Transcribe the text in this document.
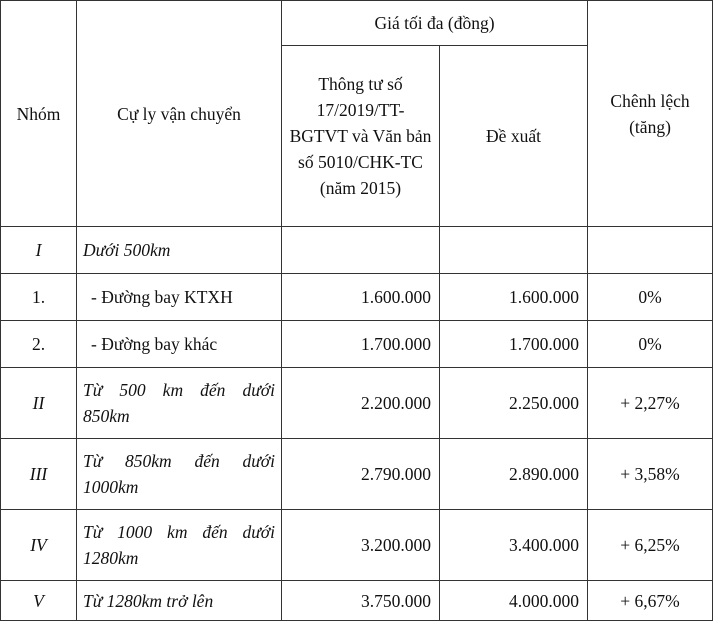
Nhóm	Cự ly vận chuyển	Giá tối đa (đồng)		Chênh lệch (tăng)
		Thông tư số 17/2019/TT-BGTVT và Văn bản số 5010/CHK-TC (năm 2015)	Đề xuất	
I	Dưới 500km			
1.	- Đường bay KTXH	1.600.000	1.600.000	0%
2.	- Đường bay khác	1.700.000	1.700.000	0%
II	Từ 500 km đến dưới 850km	2.200.000	2.250.000	+ 2,27%
III	Từ 850km đến dưới 1000km	2.790.000	2.890.000	+ 3,58%
IV	Từ 1000 km đến dưới 1280km	3.200.000	3.400.000	+ 6,25%
V	Từ 1280km trở lên	3.750.000	4.000.000	+ 6,67%
